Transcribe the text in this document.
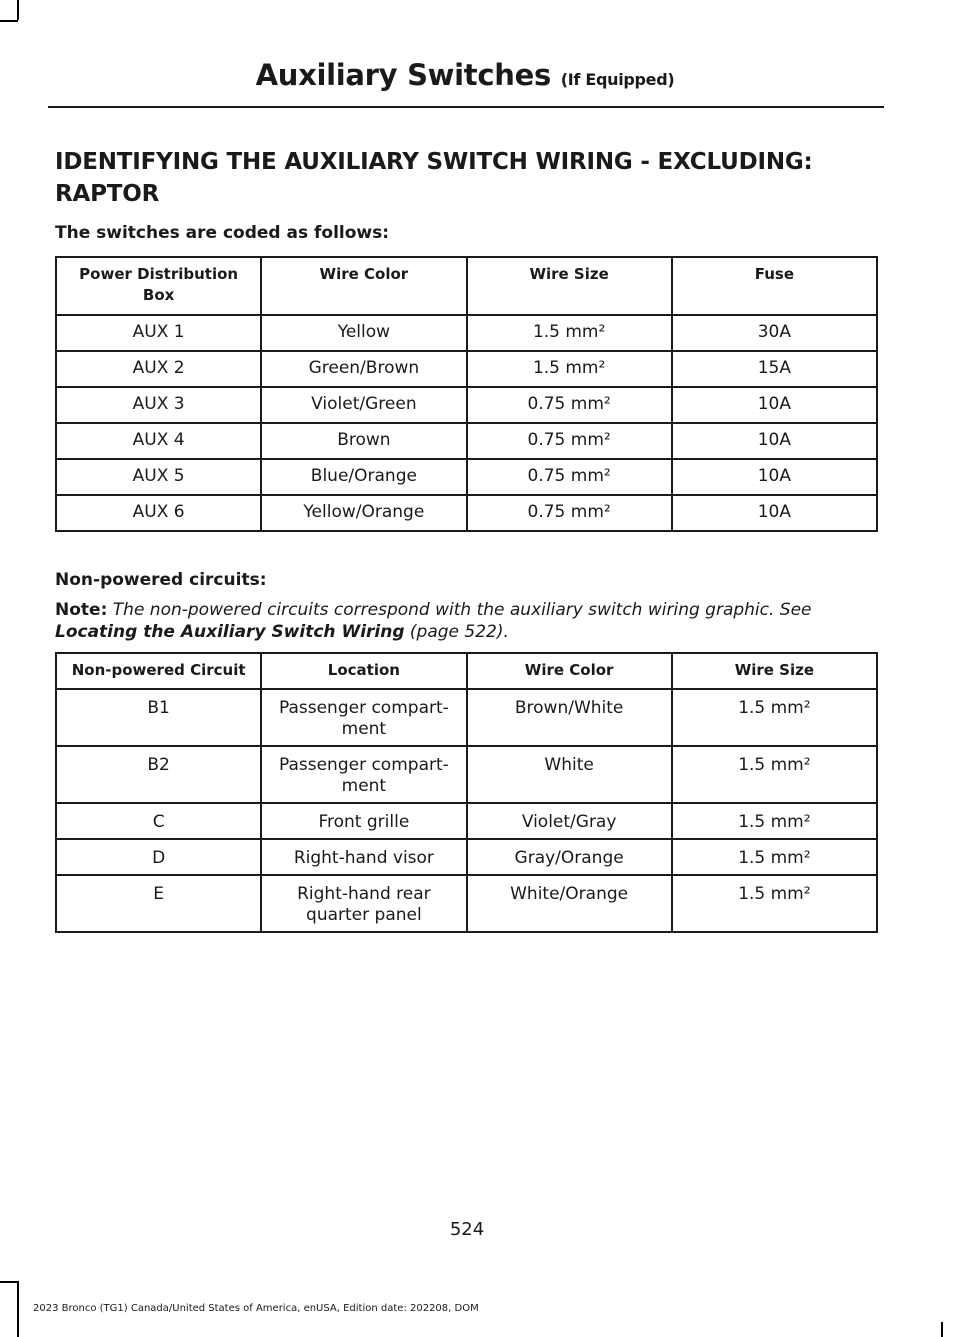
Auxiliary Switches (If Equipped)
IDENTIFYING THE AUXILIARY SWITCH WIRING - EXCLUDING: RAPTOR
The switches are coded as follows:
Power Distribution Box	Wire Color	Wire Size	Fuse
AUX 1	Yellow	1.5 mm²	30A
AUX 2	Green/Brown	1.5 mm²	15A
AUX 3	Violet/Green	0.75 mm²	10A
AUX 4	Brown	0.75 mm²	10A
AUX 5	Blue/Orange	0.75 mm²	10A
AUX 6	Yellow/Orange	0.75 mm²	10A
Non-powered circuits:
Note: The non-powered circuits correspond with the auxiliary switch wiring graphic. See Locating the Auxiliary Switch Wiring (page 522).
Non-powered Circuit	Location	Wire Color	Wire Size
B1	Passenger compart-ment	Brown/White	1.5 mm²
B2	Passenger compart-ment	White	1.5 mm²
C	Front grille	Violet/Gray	1.5 mm²
D	Right-hand visor	Gray/Orange	1.5 mm²
E	Right-hand rear quarter panel	White/Orange	1.5 mm²
524
2023 Bronco (TG1) Canada/United States of America, enUSA, Edition date: 202208, DOM
